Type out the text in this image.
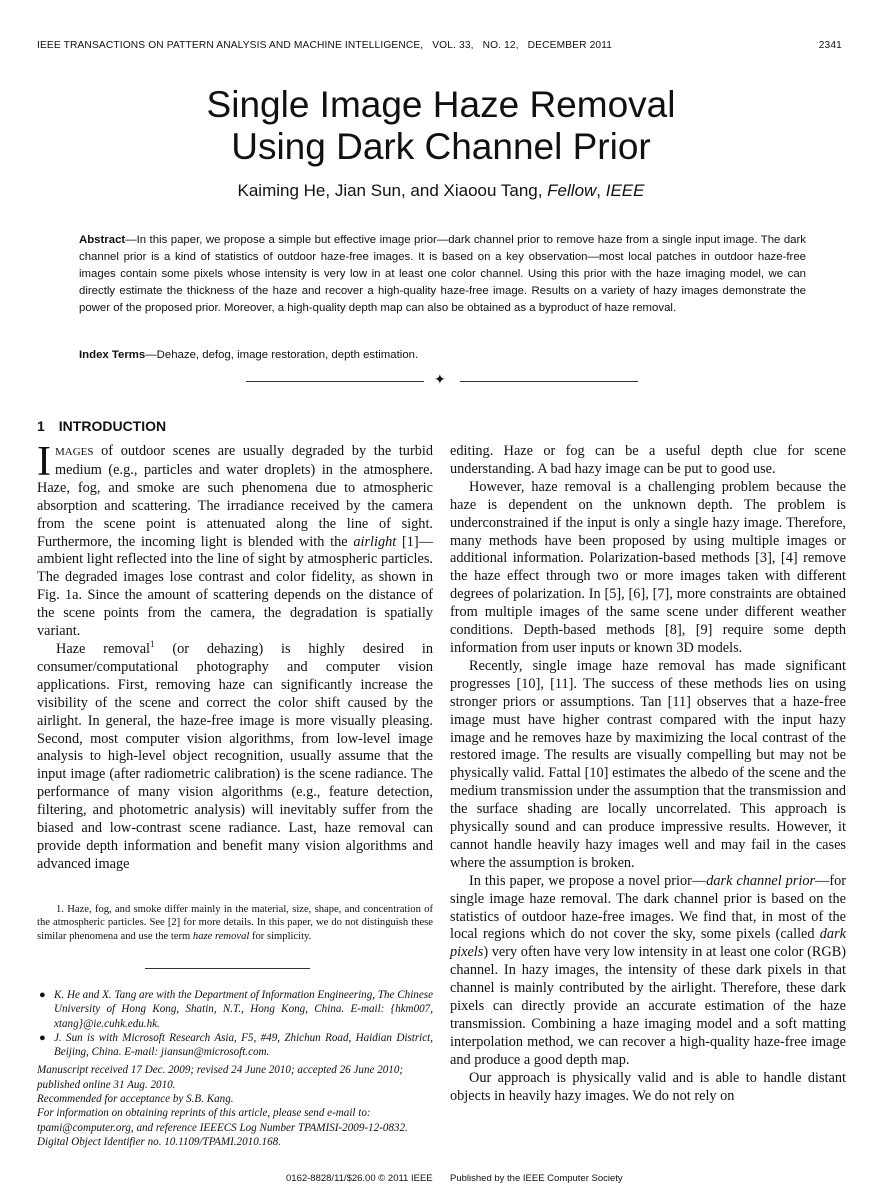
IEEE TRANSACTIONS ON PATTERN ANALYSIS AND MACHINE INTELLIGENCE,   VOL. 33,   NO. 12,   DECEMBER 2011	2341
Single Image Haze Removal
Using Dark Channel Prior
Kaiming He, Jian Sun, and Xiaoou Tang, Fellow, IEEE
Abstract—In this paper, we propose a simple but effective image prior—dark channel prior to remove haze from a single input image. The dark channel prior is a kind of statistics of outdoor haze-free images. It is based on a key observation—most local patches in outdoor haze-free images contain some pixels whose intensity is very low in at least one color channel. Using this prior with the haze imaging model, we can directly estimate the thickness of the haze and recover a high-quality haze-free image. Results on a variety of hazy images demonstrate the power of the proposed prior. Moreover, a high-quality depth map can also be obtained as a byproduct of haze removal.
Index Terms—Dehaze, defog, image restoration, depth estimation.
✦
1 INTRODUCTION

IMAGES of outdoor scenes are usually degraded by the turbid medium (e.g., particles and water droplets) in the atmosphere. Haze, fog, and smoke are such phenomena due to atmospheric absorption and scattering. The irradiance received by the camera from the scene point is attenuated along the line of sight. Furthermore, the incoming light is blended with the airlight [1]—ambient light reflected into the line of sight by atmospheric particles. The degraded images lose contrast and color fidelity, as shown in Fig. 1a. Since the amount of scattering depends on the distance of the scene points from the camera, the degradation is spatially variant.

Haze removal$^1$ (or dehazing) is highly desired in consumer/computational photography and computer vision applications. First, removing haze can significantly increase the visibility of the scene and correct the color shift caused by the airlight. In general, the haze-free image is more visually pleasing. Second, most computer vision algorithms, from low-level image analysis to high-level object recognition, usually assume that the input image (after radiometric calibration) is the scene radiance. The performance of many vision algorithms (e.g., feature detection, filtering, and photometric analysis) will inevitably suffer from the biased and low-contrast scene radiance. Last, haze removal can provide depth information and benefit many vision algorithms and advanced image

1. Haze, fog, and smoke differ mainly in the material, size, shape, and concentration of the atmospheric particles. See [2] for more details. In this paper, we do not distinguish these similar phenomena and use the term haze removal for simplicity.
● K. He and X. Tang are with the Department of Information Engineering, The Chinese University of Hong Kong, Shatin, N.T., Hong Kong, China. E-mail: {hkm007, xtang}@ie.cuhk.edu.hk.
● J. Sun is with Microsoft Research Asia, F5, #49, Zhichun Road, Haidian District, Beijing, China. E-mail: jiansun@microsoft.com.
Manuscript received 17 Dec. 2009; revised 24 June 2010; accepted 26 June 2010; published online 31 Aug. 2010.
Recommended for acceptance by S.B. Kang.
For information on obtaining reprints of this article, please send e-mail to: tpami@computer.org, and reference IEEECS Log Number TPAMISI-2009-12-0832.
Digital Object Identifier no. 10.1109/TPAMI.2010.168.

editing. Haze or fog can be a useful depth clue for scene understanding. A bad hazy image can be put to good use.

However, haze removal is a challenging problem because the haze is dependent on the unknown depth. The problem is underconstrained if the input is only a single hazy image. Therefore, many methods have been proposed by using multiple images or additional information. Polarization-based methods [3], [4] remove the haze effect through two or more images taken with different degrees of polarization. In [5], [6], [7], more constraints are obtained from multiple images of the same scene under different weather conditions. Depth-based methods [8], [9] require some depth information from user inputs or known 3D models.

Recently, single image haze removal has made significant progresses [10], [11]. The success of these methods lies on using stronger priors or assumptions. Tan [11] observes that a haze-free image must have higher contrast compared with the input hazy image and he removes haze by maximizing the local contrast of the restored image. The results are visually compelling but may not be physically valid. Fattal [10] estimates the albedo of the scene and the medium transmission under the assumption that the transmission and the surface shading are locally uncorrelated. This approach is physically sound and can produce impressive results. However, it cannot handle heavily hazy images well and may fail in the cases where the assumption is broken.

In this paper, we propose a novel prior—dark channel prior—for single image haze removal. The dark channel prior is based on the statistics of outdoor haze-free images. We find that, in most of the local regions which do not cover the sky, some pixels (called dark pixels) very often have very low intensity in at least one color (RGB) channel. In hazy images, the intensity of these dark pixels in that channel is mainly contributed by the airlight. Therefore, these dark pixels can directly provide an accurate estimation of the haze transmission. Combining a haze imaging model and a soft matting interpolation method, we can recover a high-quality haze-free image and produce a good depth map.

Our approach is physically valid and is able to handle distant objects in heavily hazy images. We do not rely on

0162-8828/11/$26.00 © 2011 IEEE Published by the IEEE Computer Society
